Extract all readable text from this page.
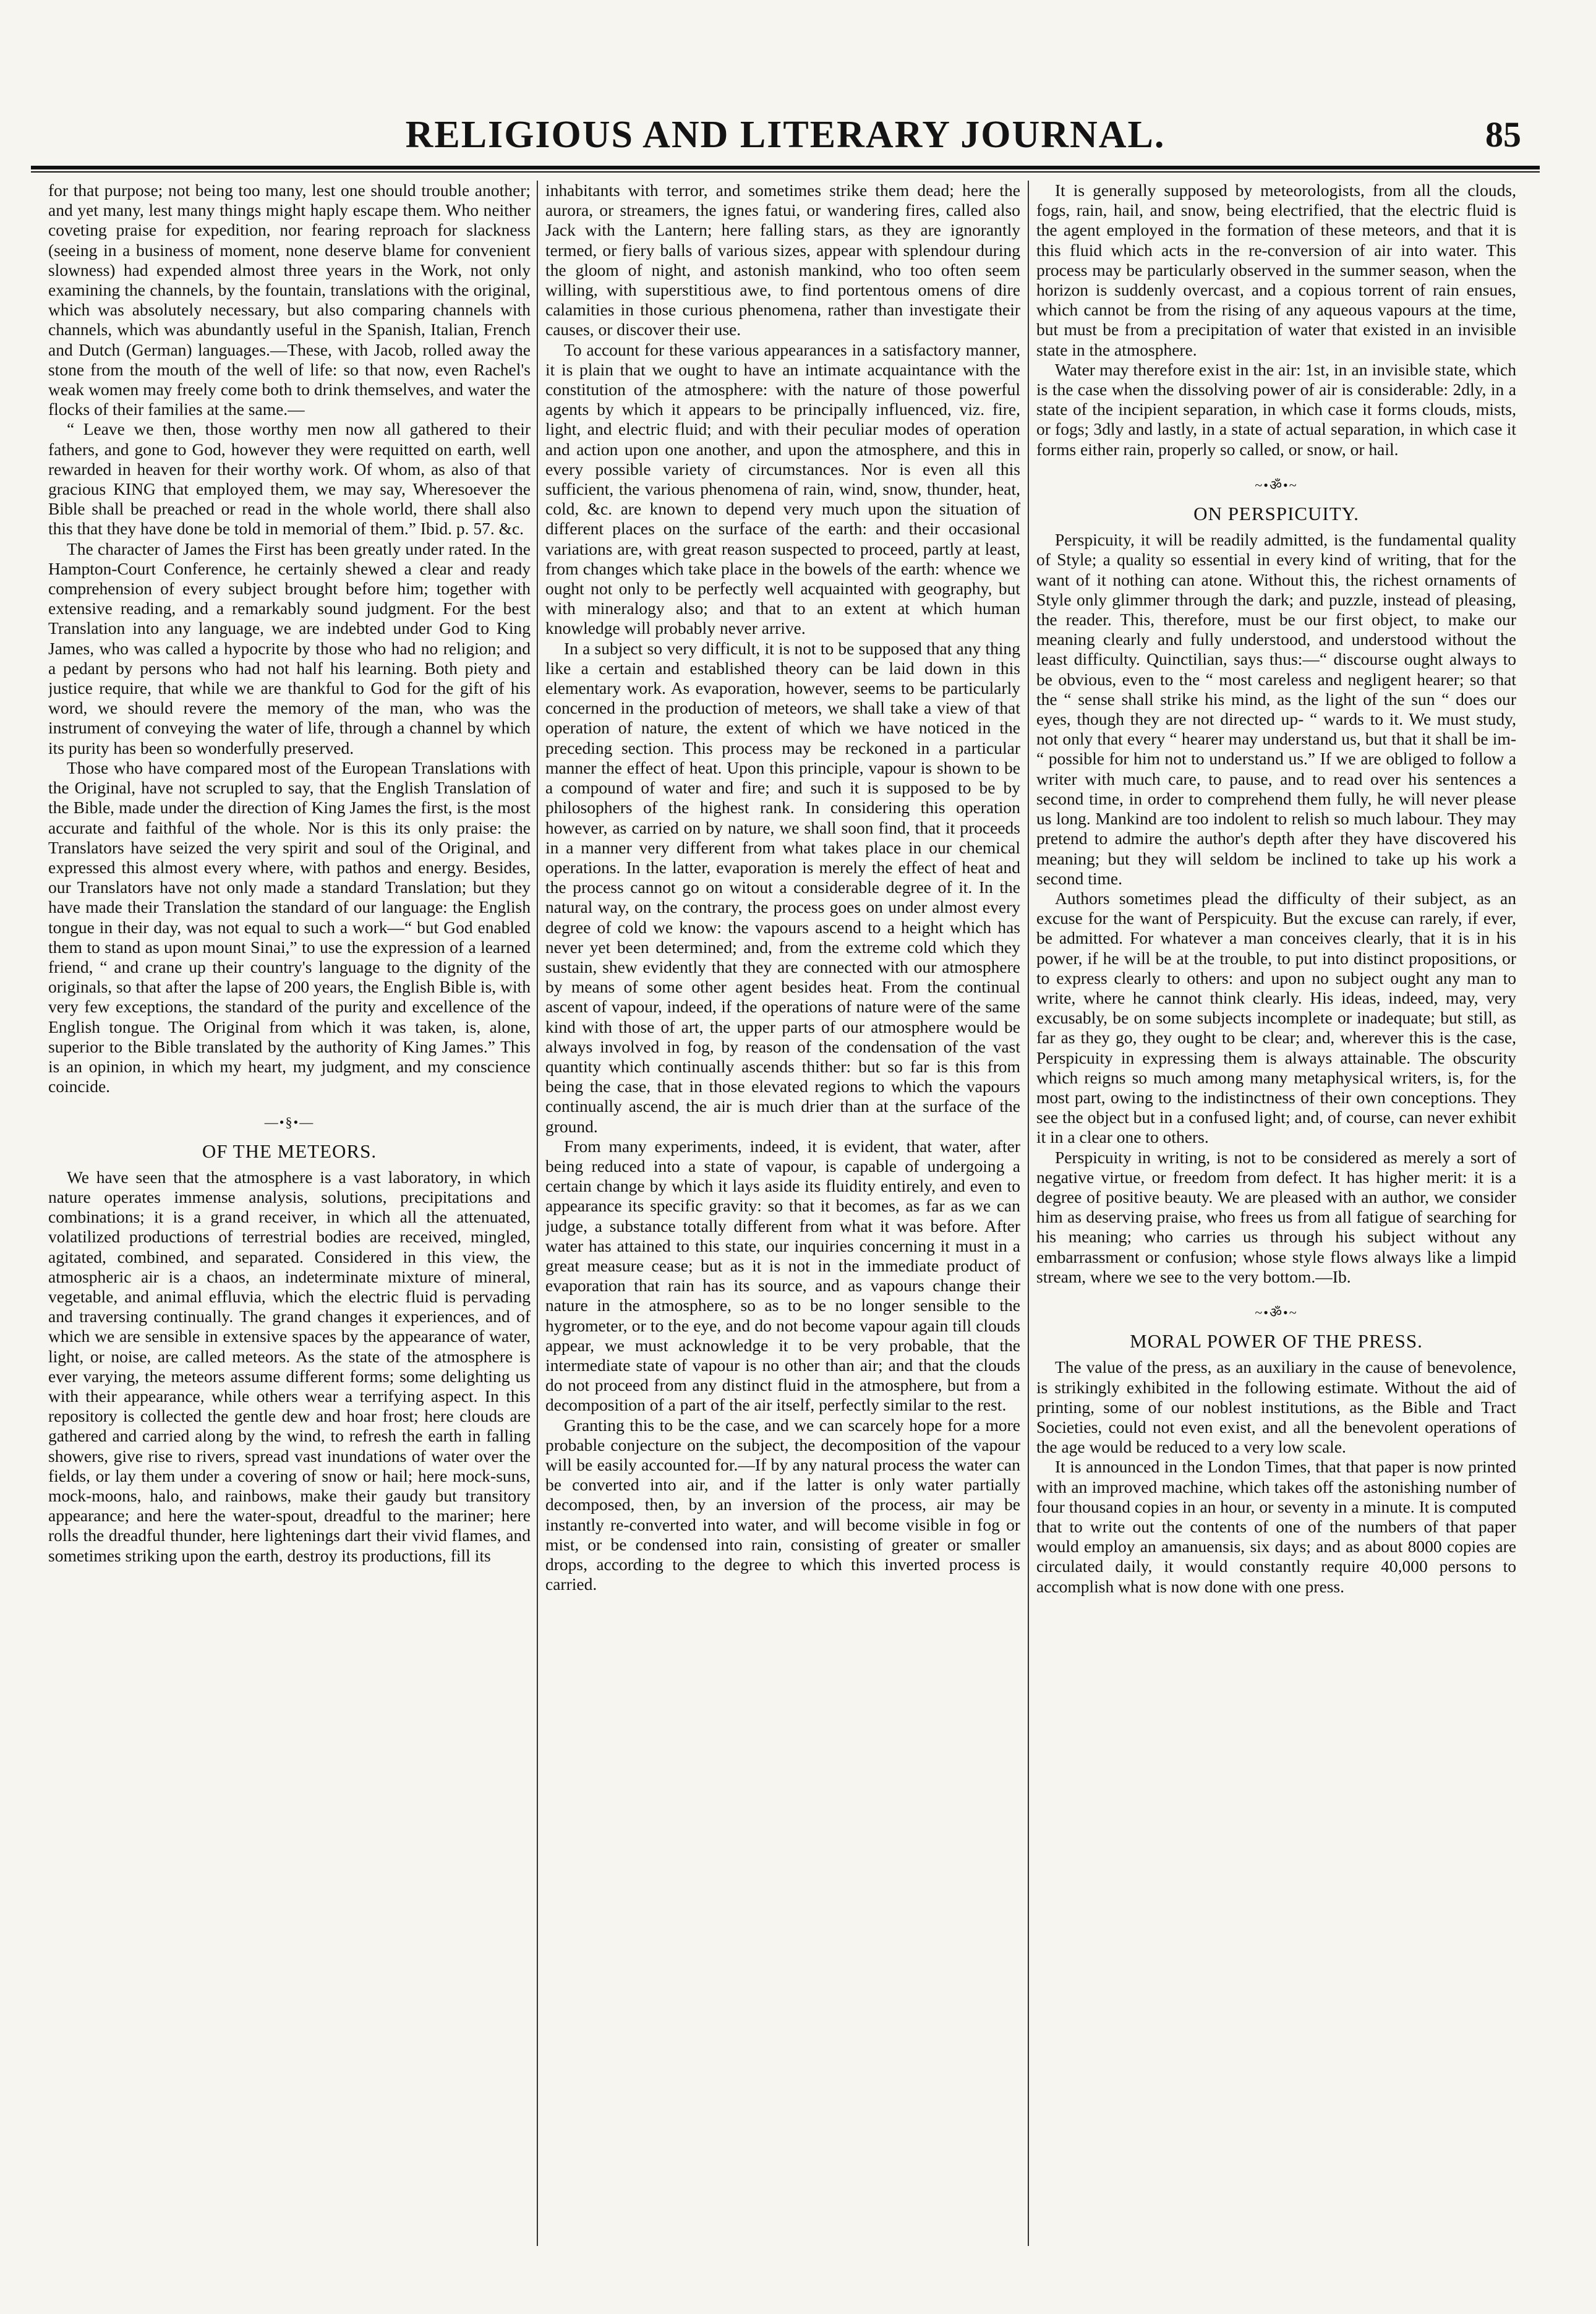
RELIGIOUS AND LITERARY JOURNAL.	85

for that purpose; not being too many, lest one should trouble another; and yet many, lest many things might haply escape them. Who neither coveting praise for expedition, nor fearing reproach for slackness (seeing in a business of moment, none deserve blame for convenient slowness) had expended almost three years in the Work, not only examining the channels, by the fountain, translations with the original, which was absolutely necessary, but also comparing channels with channels, which was abundantly useful in the Spanish, Italian, French and Dutch (German) languages.—These, with Jacob, rolled away the stone from the mouth of the well of life: so that now, even Rachel's weak women may freely come both to drink themselves, and water the flocks of their families at the same.—

“ Leave we then, those worthy men now all gathered to their fathers, and gone to God, however they were requitted on earth, well rewarded in heaven for their worthy work. Of whom, as also of that gracious KING that employed them, we may say, Wheresoever the Bible shall be preached or read in the whole world, there shall also this that they have done be told in memorial of them.” Ibid. p. 57. &c.

The character of James the First has been greatly under rated. In the Hampton-Court Conference, he certainly shewed a clear and ready comprehension of every subject brought before him; together with extensive reading, and a remarkably sound judgment. For the best Translation into any language, we are indebted under God to King James, who was called a hypocrite by those who had no religion; and a pedant by persons who had not half his learning. Both piety and justice require, that while we are thankful to God for the gift of his word, we should revere the memory of the man, who was the instrument of conveying the water of life, through a channel by which its purity has been so wonderfully preserved.

Those who have compared most of the European Translations with the Original, have not scrupled to say, that the English Translation of the Bible, made under the direction of King James the first, is the most accurate and faithful of the whole. Nor is this its only praise: the Translators have seized the very spirit and soul of the Original, and expressed this almost every where, with pathos and energy. Besides, our Translators have not only made a standard Translation; but they have made their Translation the standard of our language: the English tongue in their day, was not equal to such a work—“ but God enabled them to stand as upon mount Sinai,” to use the expression of a learned friend, “ and crane up their country's language to the dignity of the originals, so that after the lapse of 200 years, the English Bible is, with very few exceptions, the standard of the purity and excellence of the English tongue. The Original from which it was taken, is, alone, superior to the Bible translated by the authority of King James.” This is an opinion, in which my heart, my judgment, and my conscience coincide.

—•§•—
OF THE METEORS.

We have seen that the atmosphere is a vast laboratory, in which nature operates immense analysis, solutions, precipitations and combinations; it is a grand receiver, in which all the attenuated, volatilized productions of terrestrial bodies are received, mingled, agitated, combined, and separated. Considered in this view, the atmospheric air is a chaos, an indeterminate mixture of mineral, vegetable, and animal effluvia, which the electric fluid is pervading and traversing continually. The grand changes it experiences, and of which we are sensible in extensive spaces by the appearance of water, light, or noise, are called meteors. As the state of the atmosphere is ever varying, the meteors assume different forms; some delighting us with their appearance, while others wear a terrifying aspect. In this repository is collected the gentle dew and hoar frost; here clouds are gathered and carried along by the wind, to refresh the earth in falling showers, give rise to rivers, spread vast inundations of water over the fields, or lay them under a covering of snow or hail; here mock-suns, mock-moons, halo, and rainbows, make their gaudy but transitory appearance; and here the water-spout, dreadful to the mariner; here rolls the dreadful thunder, here lightenings dart their vivid flames, and sometimes striking upon the earth, destroy its productions, fill its

inhabitants with terror, and sometimes strike them dead; here the aurora, or streamers, the ignes fatui, or wandering fires, called also Jack with the Lantern; here falling stars, as they are ignorantly termed, or fiery balls of various sizes, appear with splendour during the gloom of night, and astonish mankind, who too often seem willing, with superstitious awe, to find portentous omens of dire calamities in those curious phenomena, rather than investigate their causes, or discover their use.

To account for these various appearances in a satisfactory manner, it is plain that we ought to have an intimate acquaintance with the constitution of the atmosphere: with the nature of those powerful agents by which it appears to be principally influenced, viz. fire, light, and electric fluid; and with their peculiar modes of operation and action upon one another, and upon the atmosphere, and this in every possible variety of circumstances. Nor is even all this sufficient, the various phenomena of rain, wind, snow, thunder, heat, cold, &c. are known to depend very much upon the situation of different places on the surface of the earth: and their occasional variations are, with great reason suspected to proceed, partly at least, from changes which take place in the bowels of the earth: whence we ought not only to be perfectly well acquainted with geography, but with mineralogy also; and that to an extent at which human knowledge will probably never arrive.

In a subject so very difficult, it is not to be supposed that any thing like a certain and established theory can be laid down in this elementary work. As evaporation, however, seems to be particularly concerned in the production of meteors, we shall take a view of that operation of nature, the extent of which we have noticed in the preceding section. This process may be reckoned in a particular manner the effect of heat. Upon this principle, vapour is shown to be a compound of water and fire; and such it is supposed to be by philosophers of the highest rank. In considering this operation however, as carried on by nature, we shall soon find, that it proceeds in a manner very different from what takes place in our chemical operations. In the latter, evaporation is merely the effect of heat and the process cannot go on witout a considerable degree of it. In the natural way, on the contrary, the process goes on under almost every degree of cold we know: the vapours ascend to a height which has never yet been determined; and, from the extreme cold which they sustain, shew evidently that they are connected with our atmosphere by means of some other agent besides heat. From the continual ascent of vapour, indeed, if the operations of nature were of the same kind with those of art, the upper parts of our atmosphere would be always involved in fog, by reason of the condensation of the vast quantity which continually ascends thither: but so far is this from being the case, that in those elevated regions to which the vapours continually ascend, the air is much drier than at the surface of the ground.

From many experiments, indeed, it is evident, that water, after being reduced into a state of vapour, is capable of undergoing a certain change by which it lays aside its fluidity entirely, and even to appearance its specific gravity: so that it becomes, as far as we can judge, a substance totally different from what it was before. After water has attained to this state, our inquiries concerning it must in a great measure cease; but as it is not in the immediate product of evaporation that rain has its source, and as vapours change their nature in the atmosphere, so as to be no longer sensible to the hygrometer, or to the eye, and do not become vapour again till clouds appear, we must acknowledge it to be very probable, that the intermediate state of vapour is no other than air; and that the clouds do not proceed from any distinct fluid in the atmosphere, but from a decomposition of a part of the air itself, perfectly similar to the rest.

Granting this to be the case, and we can scarcely hope for a more probable conjecture on the subject, the decomposition of the vapour will be easily accounted for.—If by any natural process the water can be converted into air, and if the latter is only water partially decomposed, then, by an inversion of the process, air may be instantly re-converted into water, and will become visible in fog or mist, or be condensed into rain, consisting of greater or smaller drops, according to the degree to which this inverted process is carried.

It is generally supposed by meteorologists, from all the clouds, fogs, rain, hail, and snow, being electrified, that the electric fluid is the agent employed in the formation of these meteors, and that it is this fluid which acts in the re-conversion of air into water. This process may be particularly observed in the summer season, when the horizon is suddenly overcast, and a copious torrent of rain ensues, which cannot be from the rising of any aqueous vapours at the time, but must be from a precipitation of water that existed in an invisible state in the atmosphere.

Water may therefore exist in the air: 1st, in an invisible state, which is the case when the dissolving power of air is considerable: 2dly, in a state of the incipient separation, in which case it forms clouds, mists, or fogs; 3dly and lastly, in a state of actual separation, in which case it forms either rain, properly so called, or snow, or hail.

~•ॐ•~
ON PERSPICUITY.

Perspicuity, it will be readily admitted, is the fundamental quality of Style; a quality so essential in every kind of writing, that for the want of it nothing can atone. Without this, the richest ornaments of Style only glimmer through the dark; and puzzle, instead of pleasing, the reader. This, therefore, must be our first object, to make our meaning clearly and fully understood, and understood without the least difficulty. Quinctilian, says thus:—“ discourse ought always to be obvious, even to the “ most careless and negligent hearer; so that the “ sense shall strike his mind, as the light of the sun “ does our eyes, though they are not directed up- “ wards to it. We must study, not only that every “ hearer may understand us, but that it shall be im- “ possible for him not to understand us.” If we are obliged to follow a writer with much care, to pause, and to read over his sentences a second time, in order to comprehend them fully, he will never please us long. Mankind are too indolent to relish so much labour. They may pretend to admire the author's depth after they have discovered his meaning; but they will seldom be inclined to take up his work a second time.

Authors sometimes plead the difficulty of their subject, as an excuse for the want of Perspicuity. But the excuse can rarely, if ever, be admitted. For whatever a man conceives clearly, that it is in his power, if he will be at the trouble, to put into distinct propositions, or to express clearly to others: and upon no subject ought any man to write, where he cannot think clearly. His ideas, indeed, may, very excusably, be on some subjects incomplete or inadequate; but still, as far as they go, they ought to be clear; and, wherever this is the case, Perspicuity in expressing them is always attainable. The obscurity which reigns so much among many metaphysical writers, is, for the most part, owing to the indistinctness of their own conceptions. They see the object but in a confused light; and, of course, can never exhibit it in a clear one to others.

Perspicuity in writing, is not to be considered as merely a sort of negative virtue, or freedom from defect. It has higher merit: it is a degree of positive beauty. We are pleased with an author, we consider him as deserving praise, who frees us from all fatigue of searching for his meaning; who carries us through his subject without any embarrassment or confusion; whose style flows always like a limpid stream, where we see to the very bottom.—Ib.

~•ॐ•~
MORAL POWER OF THE PRESS.

The value of the press, as an auxiliary in the cause of benevolence, is strikingly exhibited in the following estimate. Without the aid of printing, some of our noblest institutions, as the Bible and Tract Societies, could not even exist, and all the benevolent operations of the age would be reduced to a very low scale.

It is announced in the London Times, that that paper is now printed with an improved machine, which takes off the astonishing number of four thousand copies in an hour, or seventy in a minute. It is computed that to write out the contents of one of the numbers of that paper would employ an amanuensis, six days; and as about 8000 copies are circulated daily, it would constantly require 40,000 persons to accomplish what is now done with one press.
